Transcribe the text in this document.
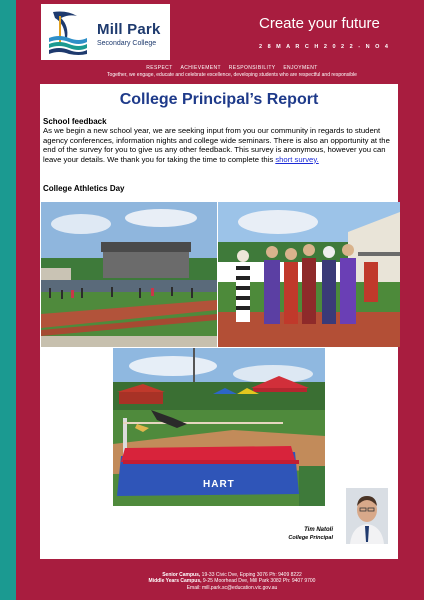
Mill Park
Secondary College
Create your future
2 8 M A R C H 2 0 2 2 - N O 4
RESPECT ACHIEVEMENT RESPONSIBILITY ENJOYMENT
Together, we engage, educate and celebrate excellence, developing students who are respectful and responsible
College Principal’s Report
School feedback
As we begin a new school year, we are seeking input from you our community in regards to student agency conferences, information nights and college wide seminars. There is also an opportunity at the end of the survey for you to give us any other feedback. This survey is anonymous, however you can leave your details. We thank you for taking the time to complete this short survey.
College Athletics Day
HART
Tim Natoli
College Principal
Senior Campus, 19-33 Civic Dve, Epping 3076 Ph: 9409 8222
Middle Years Campus, 9-25 Moorhead Dve, Mill Park 3082 Ph: 9407 9700
Email: mill.park.sc@education.vic.gov.au
